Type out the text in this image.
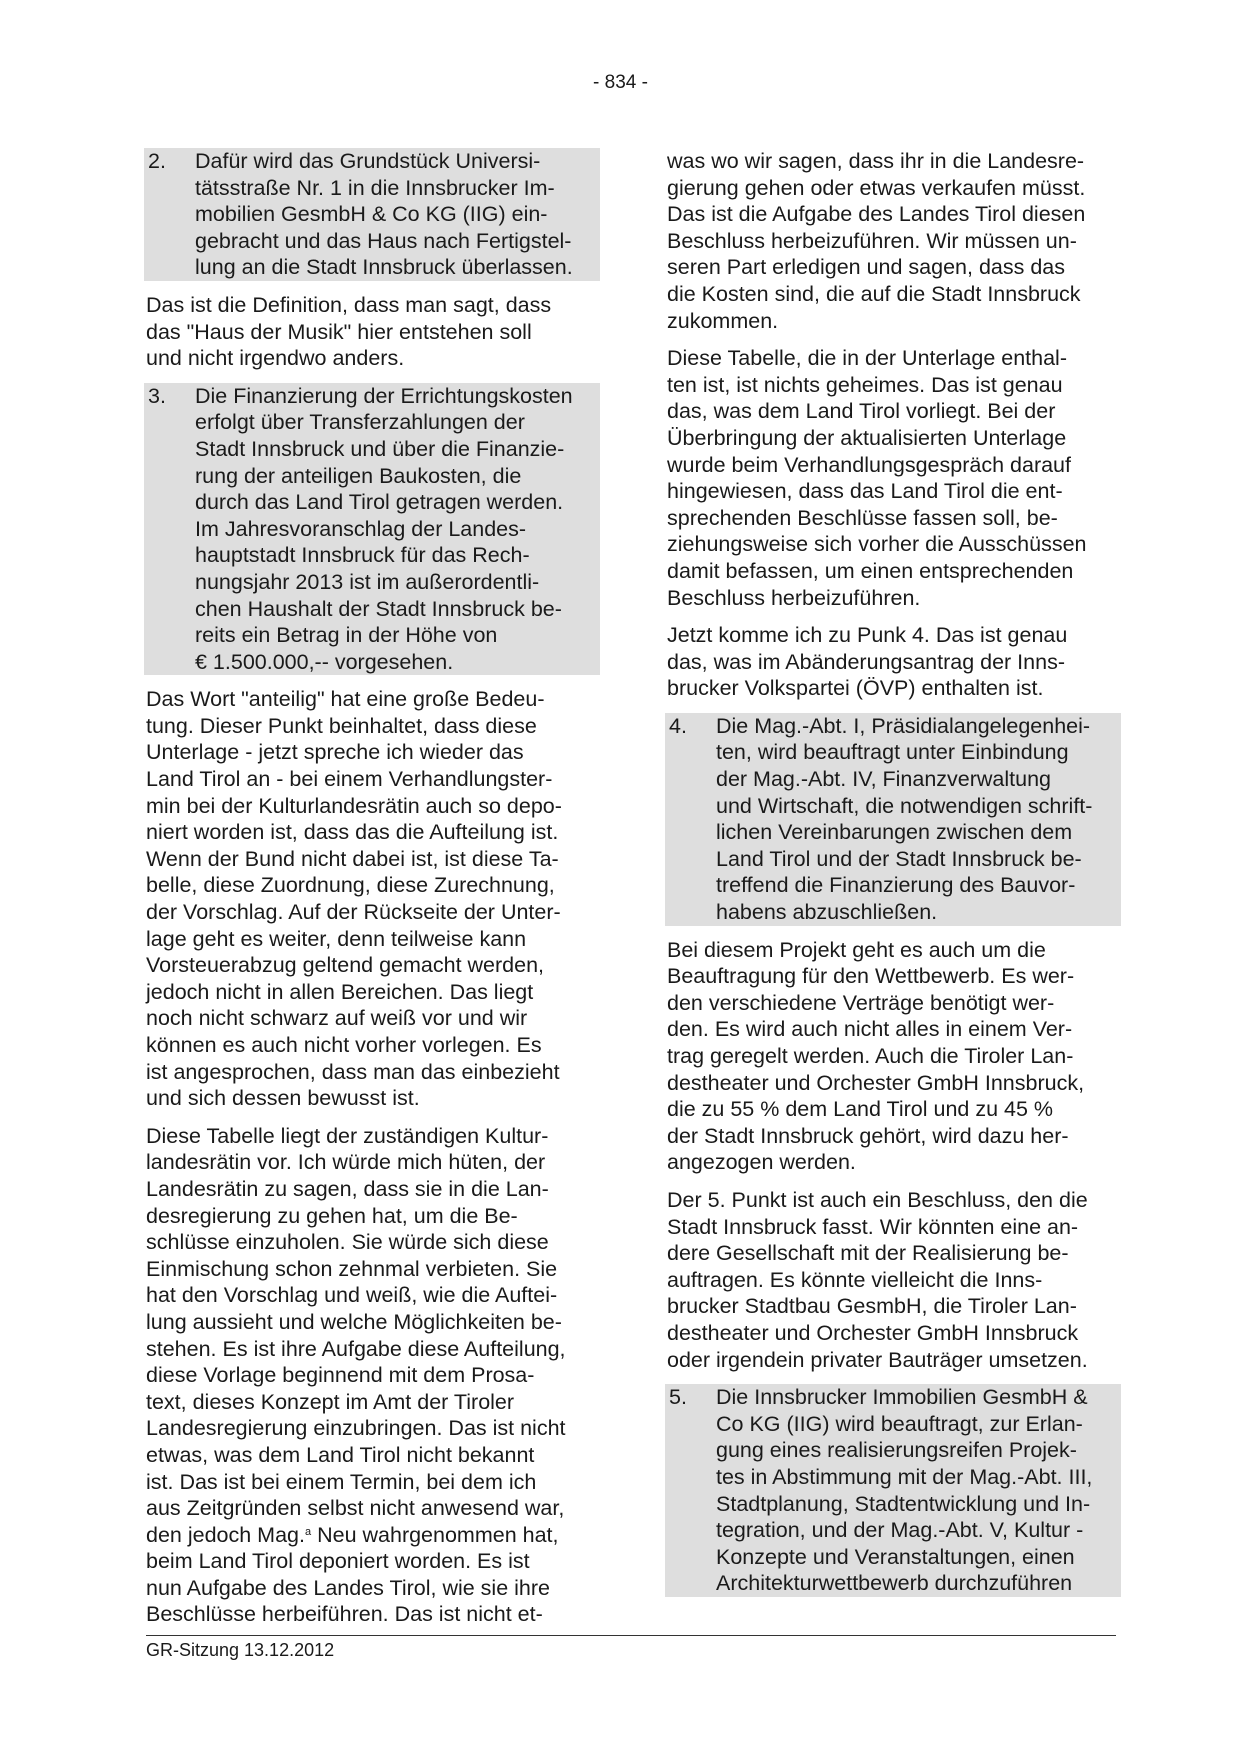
- 834 -
2.	Dafür wird das Grundstück Universi-
tätsstraße Nr. 1 in die Innsbrucker Im-
mobilien GesmbH & Co KG (IIG) ein-
gebracht und das Haus nach Fertigstel-
lung an die Stadt Innsbruck überlassen.
Das ist die Definition, dass man sagt, dass
das "Haus der Musik" hier entstehen soll
und nicht irgendwo anders.
3.	Die Finanzierung der Errichtungskosten
erfolgt über Transferzahlungen der
Stadt Innsbruck und über die Finanzie-
rung der anteiligen Baukosten, die
durch das Land Tirol getragen werden.
Im Jahresvoranschlag der Landes-
hauptstadt Innsbruck für das Rech-
nungsjahr 2013 ist im außerordentli-
chen Haushalt der Stadt Innsbruck be-
reits ein Betrag in der Höhe von
€ 1.500.000,-- vorgesehen.
Das Wort "anteilig" hat eine große Bedeu-
tung. Dieser Punkt beinhaltet, dass diese
Unterlage - jetzt spreche ich wieder das
Land Tirol an - bei einem Verhandlungster-
min bei der Kulturlandesrätin auch so depo-
niert worden ist, dass das die Aufteilung ist.
Wenn der Bund nicht dabei ist, ist diese Ta-
belle, diese Zuordnung, diese Zurechnung,
der Vorschlag. Auf der Rückseite der Unter-
lage geht es weiter, denn teilweise kann
Vorsteuerabzug geltend gemacht werden,
jedoch nicht in allen Bereichen. Das liegt
noch nicht schwarz auf weiß vor und wir
können es auch nicht vorher vorlegen. Es
ist angesprochen, dass man das einbezieht
und sich dessen bewusst ist.
Diese Tabelle liegt der zuständigen Kultur-
landesrätin vor. Ich würde mich hüten, der
Landesrätin zu sagen, dass sie in die Lan-
desregierung zu gehen hat, um die Be-
schlüsse einzuholen. Sie würde sich diese
Einmischung schon zehnmal verbieten. Sie
hat den Vorschlag und weiß, wie die Auftei-
lung aussieht und welche Möglichkeiten be-
stehen. Es ist ihre Aufgabe diese Aufteilung,
diese Vorlage beginnend mit dem Prosa-
text, dieses Konzept im Amt der Tiroler
Landesregierung einzubringen. Das ist nicht
etwas, was dem Land Tirol nicht bekannt
ist. Das ist bei einem Termin, bei dem ich
aus Zeitgründen selbst nicht anwesend war,
den jedoch Mag.$^a$ Neu wahrgenommen hat,
beim Land Tirol deponiert worden. Es ist
nun Aufgabe des Landes Tirol, wie sie ihre
Beschlüsse herbeiführen. Das ist nicht et-
was wo wir sagen, dass ihr in die Landesre-
gierung gehen oder etwas verkaufen müsst.
Das ist die Aufgabe des Landes Tirol diesen
Beschluss herbeizuführen. Wir müssen un-
seren Part erledigen und sagen, dass das
die Kosten sind, die auf die Stadt Innsbruck
zukommen.
Diese Tabelle, die in der Unterlage enthal-
ten ist, ist nichts geheimes. Das ist genau
das, was dem Land Tirol vorliegt. Bei der
Überbringung der aktualisierten Unterlage
wurde beim Verhandlungsgespräch darauf
hingewiesen, dass das Land Tirol die ent-
sprechenden Beschlüsse fassen soll, be-
ziehungsweise sich vorher die Ausschüssen
damit befassen, um einen entsprechenden
Beschluss herbeizuführen.
Jetzt komme ich zu Punk 4. Das ist genau
das, was im Abänderungsantrag der Inns-
brucker Volkspartei (ÖVP) enthalten ist.
4.	Die Mag.-Abt. I, Präsidialangelegenhei-
ten, wird beauftragt unter Einbindung
der Mag.-Abt. IV, Finanzverwaltung
und Wirtschaft, die notwendigen schrift-
lichen Vereinbarungen zwischen dem
Land Tirol und der Stadt Innsbruck be-
treffend die Finanzierung des Bauvor-
habens abzuschließen.
Bei diesem Projekt geht es auch um die
Beauftragung für den Wettbewerb. Es wer-
den verschiedene Verträge benötigt wer-
den. Es wird auch nicht alles in einem Ver-
trag geregelt werden. Auch die Tiroler Lan-
destheater und Orchester GmbH Innsbruck,
die zu 55 % dem Land Tirol und zu 45 %
der Stadt Innsbruck gehört, wird dazu her-
angezogen werden.
Der 5. Punkt ist auch ein Beschluss, den die
Stadt Innsbruck fasst. Wir könnten eine an-
dere Gesellschaft mit der Realisierung be-
auftragen. Es könnte vielleicht die Inns-
brucker Stadtbau GesmbH, die Tiroler Lan-
destheater und Orchester GmbH Innsbruck
oder irgendein privater Bauträger umsetzen.
5.	Die Innsbrucker Immobilien GesmbH &
Co KG (IIG) wird beauftragt, zur Erlan-
gung eines realisierungsreifen Projek-
tes in Abstimmung mit der Mag.-Abt. III,
Stadtplanung, Stadtentwicklung und In-
tegration, und der Mag.-Abt. V, Kultur -
Konzepte und Veranstaltungen, einen
Architekturwettbewerb durchzuführen
GR-Sitzung 13.12.2012
